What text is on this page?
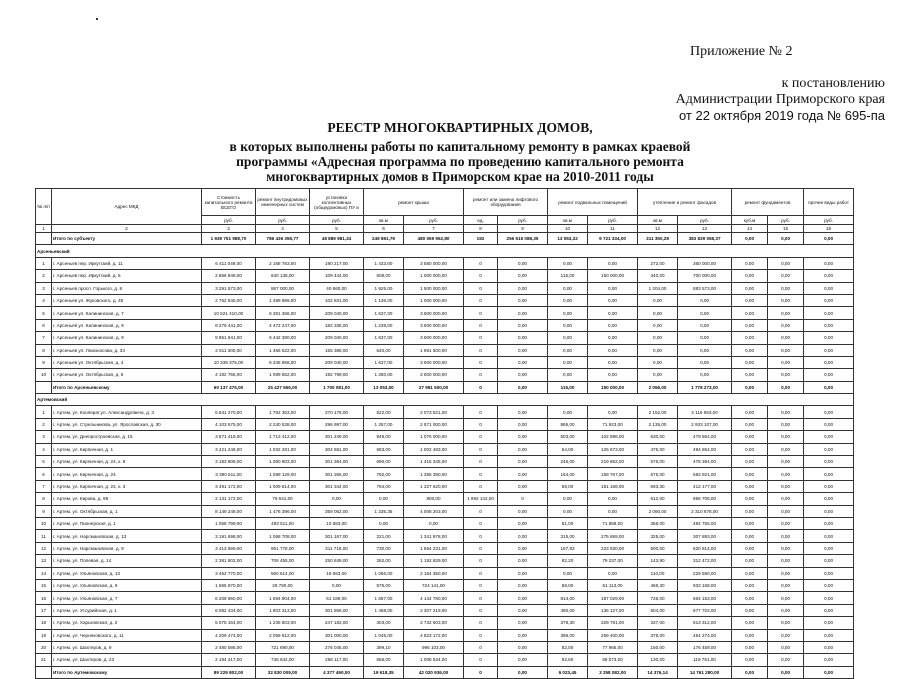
Приложение № 2
к постановлению
Администрации Приморского края
от 22 октября 2019 года № 695-па
РЕЕСТР МНОГОКВАРТИРНЫХ ДОМОВ,
в которых выполнены работы по капитальному ремонту в рамках краевой
программы «Адресная программа по проведению капитального ремонта
многоквартирных домов в Приморском крае на 2010-2011 годы
№ п/п	Адрес МКД	Стоимость капитального ремонта ВСЕГО	ремонт внутридомовых инженерных систем	установка коллективных (общедомовых) ПУ и	ремонт крыши		ремонт или замена лифтового оборудования		ремонт подвальных помещений		утепление и ремонт фасадов		ремонт фундаментов		прочие виды работ
		руб.	руб.	руб.	кв.м	руб.	ед.	руб.	кв.м	руб.	кв.м	руб.	куб.м	руб.	руб.
1	2	3	4	5	6	7	8	9	10	11	12	13	14	15	16
	Итого по субъекту	1 939 751 988,70	786 436 355,77	48 889 981,34	249 891,79	480 069 962,80	192	256 616 088,35	13 053,32	9 721 334,00	311 350,28	383 839 058,37	0,00	0,00	0,00
Арсеньевский															
1	г. Арсеньев пер. Иркутский, д. 11	6 411 049,00	2 168 783,00	190 217,00	1 433,00	3 580 000,00	0	0,00	0,00	0,00	272,00	360 000,00	0,00	0,00	0,00
2	г. Арсеньев пер. Иркутский, д. 5	2 866 848,00	640 136,00	109 444,00	608,00	1 000 000,00	0	0,00	115,00	150 000,00	340,00	700 000,00	0,00	0,00	0,00
3	г. Арсеньев просп. Горького, д. 8	3 291 573,00	867 000,00	40 660,00	1 925,00	1 500 000,00	0	0,00	0,00	0,00	1 204,00	883 573,00	0,00	0,00	0,00
4	г. Арсеньев ул. Жуковского, д. 45	2 762 845,00	1 489 989,00	102 831,00	1 136,00	1 000 000,00	0	0,00	0,00	0,00	0,00	0,00	0,00	0,00	0,00
5	г. Арсеньев ул. Калининская, д. 7	10 521 410,00	6 381 366,00	209 040,00	1 637,00	3 600 000,00	0	0,00	0,00	0,00	0,00	0,00	0,00	0,00	0,00
6	г. Арсеньев ул. Калининская, д. 9	8 279 441,00	4 472 247,00	182 335,00	1 239,00	3 600 000,00	0	0,00	0,00	0,00	0,00	0,00	0,00	0,00	0,00
7	г. Арсеньев ул. Калининская, д. 9	9 851 941,00	6 442 380,00	209 040,00	1 637,00	3 600 000,00	0	0,00	0,00	0,00	0,00	0,00	0,00	0,00	0,00
8	г. Арсеньев ул. Ломоносова, д. 34	2 611 300,00	1 466 522,00	155 388,00	540,00	1 981 500,00	0	0,00	0,00	0,00	0,00	0,00	0,00	0,00	0,00
9	г. Арсеньев ул. Октябрьская, д. 4	10 339 375,00	6 345 866,00	209 040,00	1 637,00	3 600 000,00	0	0,00	0,00	0,00	0,00	0,00	0,00	0,00	0,00
10	г. Арсеньев ул. Октябрьская, д. 6	4 182 756,00	1 099 562,00	192 799,00	1 250,00	2 600 000,00	0	0,00	0,00	0,00	0,00	0,00	0,00	0,00	0,00
	Итого по Арсеньевскому	60 137 475,00	25 427 556,00	1 700 081,00	13 053,00	27 991 500,00	0	0,00	115,00	150 000,00	2 056,00	1 778 273,00	0,00	0,00	0,00
Артемовский															
1	г. Артем, ул. Кооперат.ул. Александровича, д. 3	5 841 270,00	1 782 353,00	370 178,00	522,00	2 073 521,00	0	0,00	0,00	0,00	2 152,00	3 116 593,00	0,00	0,00	0,00
2	г. Артем, ул. Стрельникова, ул. Ярославская, д. 30	4 103 575,00	2 240 538,00	296 997,00	1 257,00	2 571 000,00	0	0,00	865,00	71 923,00	2 135,00	2 933 107,00	0,00	0,00	0,00
3	г. Артем, ул. Днепростроевская, д. 15	3 571 418,00	1 713 412,00	301 249,00	949,00	1 075 000,00	0	0,00	503,00	102 898,00	630,00	479 864,00	0,00	0,00	0,00
4	г. Артем, ул. Кирпичная, д. 1	3 421 246,00	1 032 281,00	304 681,00	683,00	1 002 483,00	0	0,00	54,00	126 673,00	475,00	494 854,00	0,00	0,00	0,00
5	г. Артем, ул. Кирпичная, д. 24, к. 8	3 183 808,00	1 060 803,00	301 364,00	690,00	1 415 345,00	0	0,00	246,00	219 862,00	676,00	476 394,00	0,00	0,00	0,00
6	г. Артем, ул. Кирпичная, д. 24	3 390 611,00	1 089 129,00	301 365,00	792,00	1 356 390,00	0	0,00	164,00	159 767,00	675,00	582 921,00	0,00	0,00	0,00
7	г. Артем, ул. Кирпичная, д. 24, к. 3	3 491 172,00	1 009 614,00	301 344,00	794,00	1 327 620,00	0	0,00	59,00	161 168,00	693,30	412 177,00	0,00	0,00	0,00
8	г. Артем, ул. Кирова, д. 99	2 131 172,00	79 641,00	0,00	0,00	800,00	1 992 142,00	0	0,00	0,00	612,00	956 708,00	0,00	0,00	0,00
9	г. Артем, ул. Октябрьская, д. 1	8 149 248,00	1 476 396,00	359 062,00	1 335,35	4 008 203,00	0	0,00	0,00	0,00	2 060,00	2 310 678,00	0,00	0,00	0,00
10	г. Артем, ул. Пионерская, д. 1	1 058 799,00	493 511,00	10 683,00	0,00	0,00	0	0,00	81,00	71 868,00	358,00	484 755,00	0,00	0,00	0,00
11	г. Артем, ул. Нарсмановская, д. 13	3 191 698,00	1 068 708,00	301 167,00	221,00	1 341 978,00	0	0,00	315,00	275 869,00	325,00	307 893,00	0,00	0,00	0,00
12	г. Артем, ул. Нарсмановская, д. 9	3 413 669,00	951 778,00	311 718,00	730,00	1 564 231,00	0	0,00	157,93	223 830,00	600,00	620 814,00	0,00	0,00	0,00
13	г. Артем, ул. Полевая, д. 14	2 381 802,00	708 455,00	250 849,00	262,00	1 192 829,00	0	0,00	82,20	79 237,00	143,90	312 472,00	0,00	0,00	0,00
14	г. Артем, ул. Ульяновская, д. 13	3 452 770,00	560 614,00	19 683,00	1 066,00	2 164 350,00	0	0,00	0,00	0,00	110,00	229 590,00	0,00	0,00	0,00
15	г. Артем, ул. Ульяновская, д. 9	1 665 970,00	28 780,00	0,00	575,00	724 141,00	0	0,00	58,00	61 113,00	466,30	933 168,00	0,00	0,00	0,00
16	г. Артем, ул. Ульяновская, д. 7	6 209 960,00	1 694 904,00	61 189,00	1 657,00	4 144 780,00	0	0,00	814,00	187 029,00	726,00	664 153,00	0,00	0,00	0,00
17	г. Артем, ул. Уссурийская, д. 1	6 082 434,00	1 803 313,00	301 866,00	1 458,00	2 307 219,00	0	0,00	480,00	136 127,00	604,00	577 702,00	0,00	0,00	0,00
18	г. Артем, ул. Харьковская, д. 2	5 075 164,00	1 235 803,00	247 182,00	303,00	2 732 603,00	0	0,00	378,30	329 781,00	337,00	613 312,00	0,00	0,00	0,00
19	г. Артем, ул. Черняховского, д. 11	4 209 474,00	2 058 812,00	301 000,00	1 045,00	4 823 172,00	0	0,00	396,00	269 400,00	379,00	454 274,00	0,00	0,00	0,00
20	г. Артем, ул. Шахтеров, д. 9	2 480 586,00	721 690,00	276 045,00	399,10	996 103,00	0	0,00	82,00	77 965,00	150,00	176 459,00	0,00	0,00	0,00
21	г. Артем, ул. Шахтеров, д. 23	2 194 417,00	736 642,00	256 117,00	556,00	1 006 634,00	0	0,00	92,60	68 073,00	130,00	119 751,00	0,00	0,00	0,00
	Итого по Артемовскому	89 229 802,00	32 830 009,00	4 377 490,00	19 618,35	42 020 936,00	0	0,00	6 023,45	3 258 082,00	14 376,14	14 761 280,00	0,00	0,00	0,00
